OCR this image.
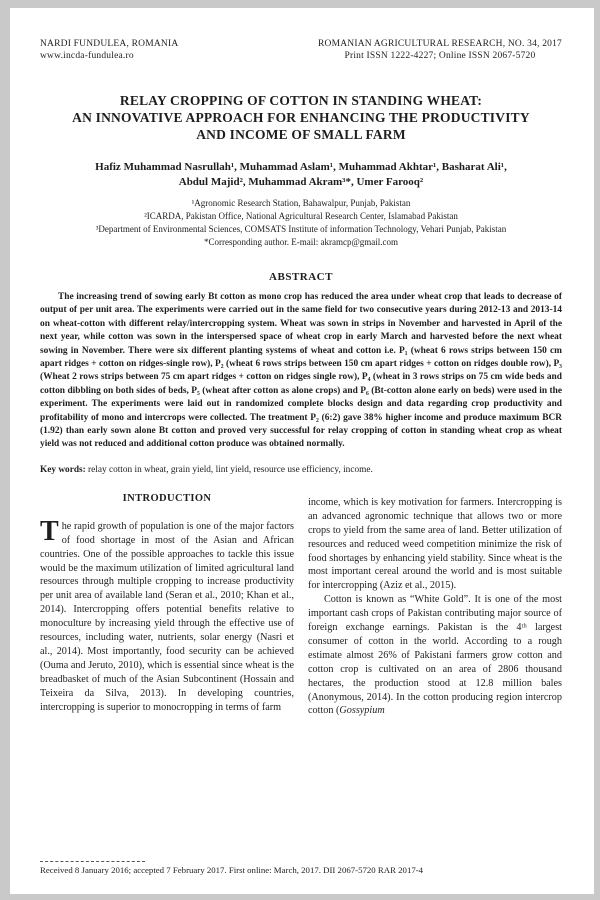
NARDI FUNDULEA, ROMANIA
www.incda-fundulea.ro
ROMANIAN AGRICULTURAL RESEARCH, NO. 34, 2017
Print ISSN 1222-4227; Online ISSN 2067-5720
RELAY CROPPING OF COTTON IN STANDING WHEAT:
AN INNOVATIVE APPROACH FOR ENHANCING THE PRODUCTIVITY
AND INCOME OF SMALL FARM
Hafiz Muhammad Nasrullah¹, Muhammad Aslam¹, Muhammad Akhtar¹, Basharat Ali¹,
Abdul Majid², Muhammad Akram³*, Umer Farooq²
¹Agronomic Research Station, Bahawalpur, Punjab, Pakistan
²ICARDA, Pakistan Office, National Agricultural Research Center, Islamabad Pakistan
³Department of Environmental Sciences, COMSATS Institute of information Technology, Vehari Punjab, Pakistan
*Corresponding author. E-mail: akramcp@gmail.com
ABSTRACT
The increasing trend of sowing early Bt cotton as mono crop has reduced the area under wheat crop that leads to decrease of output of per unit area. The experiments were carried out in the same field for two consecutive years during 2012-13 and 2013-14 on wheat-cotton with different relay/intercropping system. Wheat was sown in strips in November and harvested in April of the next year, while cotton was sown in the interspersed space of wheat crop in early March and harvested before the next wheat sowing in November. There were six different planting systems of wheat and cotton i.e. P₁ (wheat 6 rows strips between 150 cm apart ridges + cotton on ridges-single row), P₂ (wheat 6 rows strips between 150 cm apart ridges + cotton on ridges double row), P₃ (Wheat 2 rows strips between 75 cm apart ridges + cotton on ridges single row), P₄ (wheat in 3 rows strips on 75 cm wide beds and cotton dibbling on both sides of beds, P₅ (wheat after cotton as alone crops) and P₆ (Bt-cotton alone early on beds) were used in the experiment. The experiments were laid out in randomized complete blocks design and data regarding crop productivity and profitability of mono and intercrops were collected. The treatment P₂ (6:2) gave 38% higher income and produce maximum BCR (1.92) than early sown alone Bt cotton and proved very successful for relay cropping of cotton in standing wheat crop as wheat yield was not reduced and additional cotton produce was obtained normally.
Key words: relay cotton in wheat, grain yield, lint yield, resource use efficiency, income.
INTRODUCTION

The rapid growth of population is one of the major factors of food shortage in most of the Asian and African countries. One of the possible approaches to tackle this issue would be the maximum utilization of limited agricultural land resources through multiple cropping to increase productivity per unit area of available land (Seran et al., 2010; Khan et al., 2014). Intercropping offers potential benefits relative to monoculture by increasing yield through the effective use of resources, including water, nutrients, solar energy (Nasri et al., 2014). Most importantly, food security can be achieved (Ouma and Jeruto, 2010), which is essential since wheat is the breadbasket of much of the Asian Subcontinent (Hossain and Teixeira da Silva, 2013). In developing countries, intercropping is superior to monocropping in terms of farm

income, which is key motivation for farmers. Intercropping is an advanced agronomic technique that allows two or more crops to yield from the same area of land. Better utilization of resources and reduced weed competition minimize the risk of food shortages by enhancing yield stability. Since wheat is the most important cereal around the world and is most suitable for intercropping (Aziz et al., 2015).

Cotton is known as “White Gold”. It is one of the most important cash crops of Pakistan contributing major source of foreign exchange earnings. Pakistan is the 4ᵗʰ largest consumer of cotton in the world. According to a rough estimate almost 26% of Pakistani farmers grow cotton and cotton crop is cultivated on an area of 2806 thousand hectares, the production stood at 12.8 million bales (Anonymous, 2014). In the cotton producing region intercrop cotton (Gossypium

Received 8 January 2016; accepted 7 February 2017. First online: March, 2017. DII 2067-5720 RAR 2017-4
